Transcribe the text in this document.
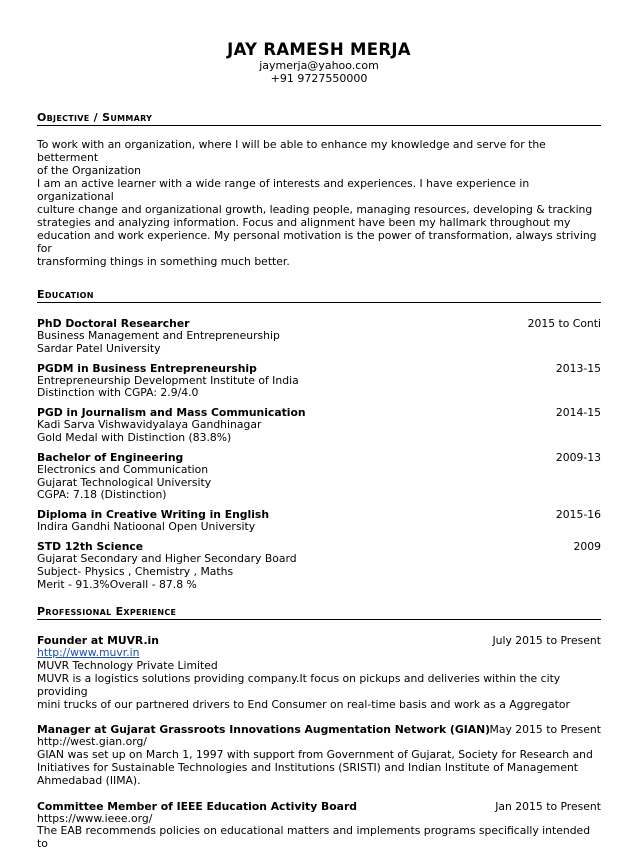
JAY RAMESH MERJA
jaymerja@yahoo.com
+91 9727550000
Objective / Summary
To work with an organization, where I will be able to enhance my knowledge and serve for the betterment
of the Organization
I am an active learner with a wide range of interests and experiences. I have experience in organizational
culture change and organizational growth, leading people, managing resources, developing & tracking
strategies and analyzing information. Focus and alignment have been my hallmark throughout my
education and work experience. My personal motivation is the power of transformation, always striving for
transforming things in something much better.
Education
PhD Doctoral Researcher	2015 to Conti
Business Management and Entrepreneurship
Sardar Patel University
PGDM in Business Entrepreneurship	2013-15
Entrepreneurship Development Institute of India
Distinction with CGPA: 2.9/4.0
PGD in Journalism and Mass Communication	2014-15
Kadi Sarva Vishwavidyalaya Gandhinagar
Gold Medal with Distinction (83.8%)
Bachelor of Engineering	2009-13
Electronics and Communication
Gujarat Technological University
CGPA: 7.18 (Distinction)
Diploma in Creative Writing in English	2015-16
Indira Gandhi Natioonal Open University
STD 12th Science	2009
Gujarat Secondary and Higher Secondary Board
Subject- Physics , Chemistry , Maths
Merit - 91.3%Overall - 87.8 %
Professional Experience
Founder at MUVR.in	July 2015 to Present
http://www.muvr.in
MUVR Technology Private Limited
MUVR is a logistics solutions providing company.It focus on pickups and deliveries within the city providing
mini trucks of our partnered drivers to End Consumer on real-time basis and work as a Aggregator
Manager at Gujarat Grassroots Innovations Augmentation Network (GIAN) May 2015 to Present
http://west.gian.org/
GIAN was set up on March 1, 1997 with support from Government of Gujarat, Society for Research and
Initiatives for Sustainable Technologies and Institutions (SRISTI) and Indian Institute of Management
Ahmedabad (IIMA).
Committee Member of IEEE Education Activity Board	Jan 2015 to Present
https://www.ieee.org/
The EAB recommends policies on educational matters and implements programs specifically intended to
